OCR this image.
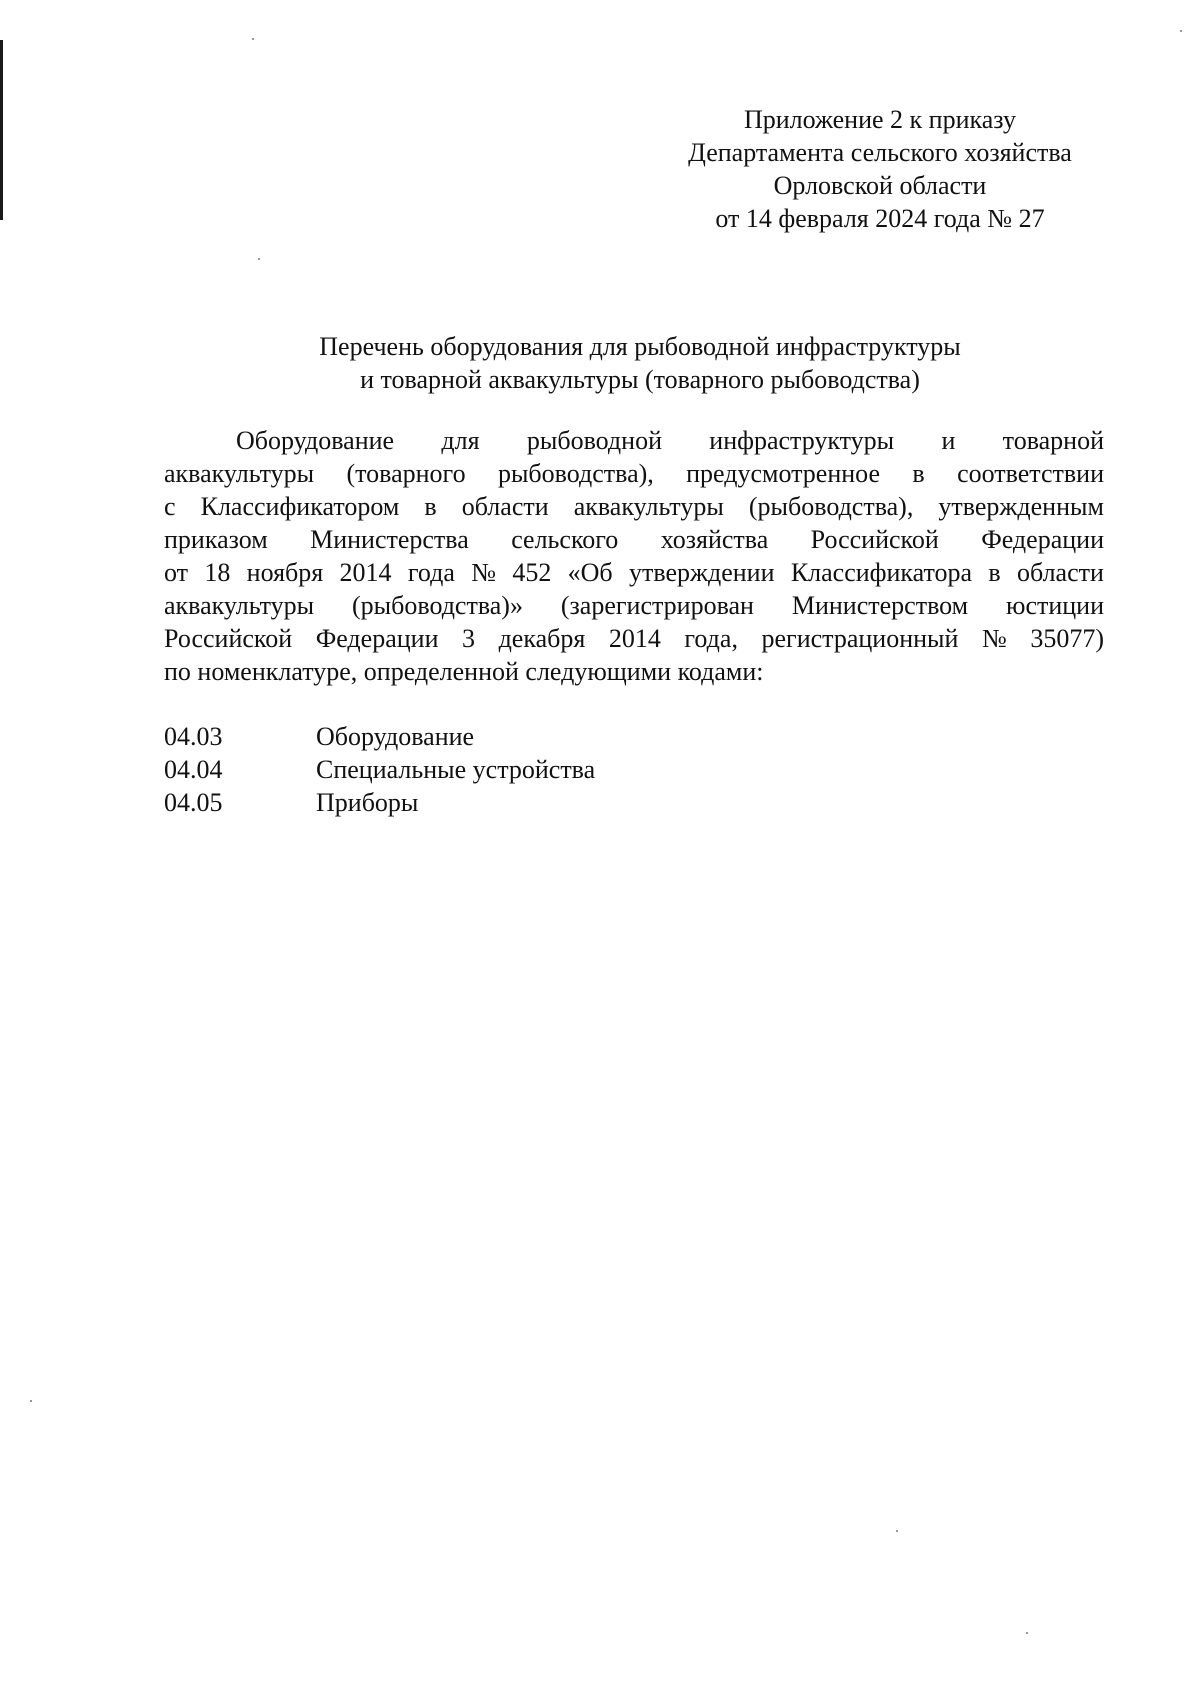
Приложение 2 к приказу
Департамента сельского хозяйства
Орловской области
от 14 февраля 2024 года № 27
Перечень оборудования для рыбоводной инфраструктуры
и товарной аквакультуры (товарного рыбоводства)
Оборудование для рыбоводной инфраструктуры и товарной
аквакультуры (товарного рыбоводства), предусмотренное в соответствии
с Классификатором в области аквакультуры (рыбоводства), утвержденным
приказом Министерства сельского хозяйства Российской Федерации
от 18 ноября 2014 года № 452 «Об утверждении Классификатора в области
аквакультуры (рыбоводства)» (зарегистрирован Министерством юстиции
Российской Федерации 3 декабря 2014 года, регистрационный № 35077)
по номенклатуре, определенной следующими кодами:
04.03	Оборудование
04.04	Специальные устройства
04.05	Приборы
